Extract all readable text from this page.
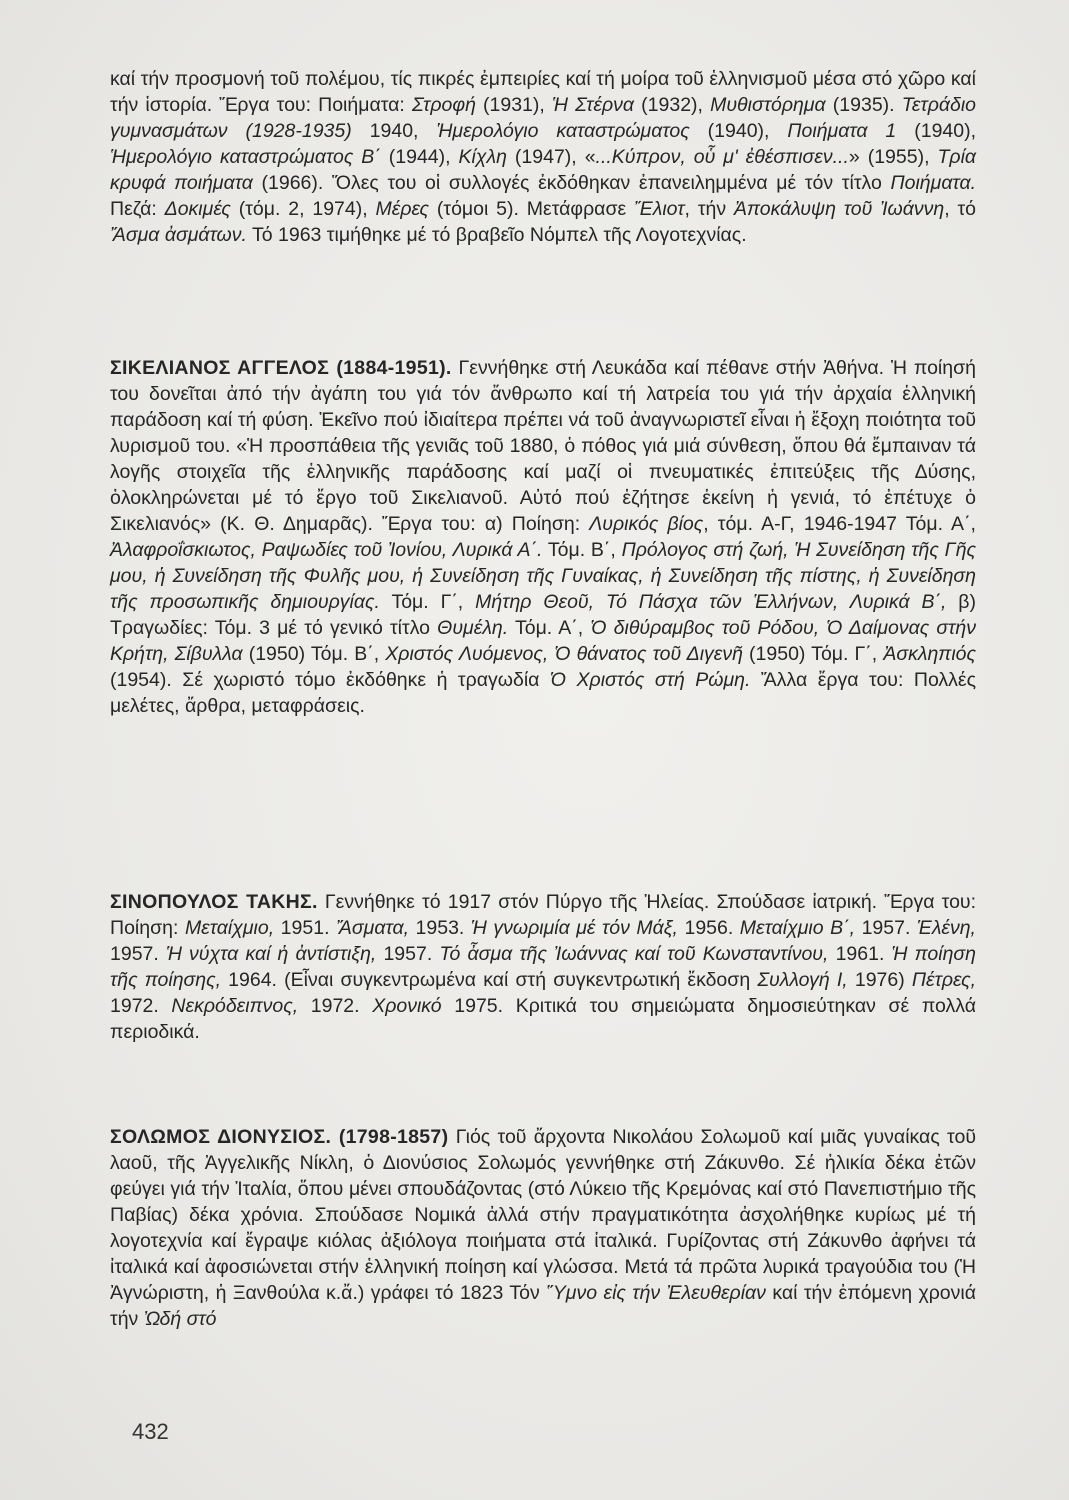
καί τήν προσμονή τοῦ πολέμου, τίς πικρές ἐμπειρίες καί τή μοίρα τοῦ ἑλληνισμοῦ μέσα στό χῶρο καί τήν ἱστορία. Ἔργα του: Ποιήματα: Στροφή (1931), Ἡ Στέρνα (1932), Μυθιστόρημα (1935). Τετράδιο γυμνασμάτων (1928-1935) 1940, Ἡμερολόγιο καταστρώματος (1940), Ποιήματα 1 (1940), Ἡμερολόγιο καταστρώματος Β΄ (1944), Κίχλη (1947), «...Κύπρον, οὗ μ' ἐθέσπισεν...» (1955), Τρία κρυφά ποιήματα (1966). Ὅλες του οἱ συλλογές ἐκδόθηκαν ἐπανειλημμένα μέ τόν τίτλο Ποιήματα. Πεζά: Δοκιμές (τόμ. 2, 1974), Μέρες (τόμοι 5). Μετάφρασε Ἔλιοτ, τήν Ἀποκάλυψη τοῦ Ἰωάννη, τό Ἄσμα ἀσμάτων. Τό 1963 τιμήθηκε μέ τό βραβεῖο Νόμπελ τῆς Λογοτεχνίας.

ΣΙΚΕΛΙΑΝΟΣ ΑΓΓΕΛΟΣ (1884-1951). Γεννήθηκε στή Λευκάδα καί πέθανε στήν Ἀθήνα. Ἡ ποίησή του δονεῖται ἀπό τήν ἀγάπη του γιά τόν ἄνθρωπο καί τή λατρεία του γιά τήν ἀρχαία ἑλληνική παράδοση καί τή φύση. Ἐκεῖνο πού ἰδιαίτερα πρέπει νά τοῦ ἀναγνωριστεῖ εἶναι ἡ ἔξοχη ποιότητα τοῦ λυρισμοῦ του. «Ἡ προσπάθεια τῆς γενιᾶς τοῦ 1880, ὁ πόθος γιά μιά σύνθεση, ὅπου θά ἔμπαιναν τά λογῆς στοιχεῖα τῆς ἑλληνικῆς παράδοσης καί μαζί οἱ πνευματικές ἐπιτεύξεις τῆς Δύσης, ὁλοκληρώνεται μέ τό ἔργο τοῦ Σικελιανοῦ. Αὐτό πού ἐζήτησε ἐκείνη ἡ γενιά, τό ἐπέτυχε ὁ Σικελιανός» (Κ. Θ. Δημαρᾶς). Ἔργα του: α) Ποίηση: Λυρικός βίος, τόμ. Α-Γ, 1946-1947 Τόμ. Α΄, Ἀλαφροΐσκιωτος, Ραψωδίες τοῦ Ἰονίου, Λυρικά Α΄. Τόμ. Β΄, Πρόλογος στή ζωή, Ἡ Συνείδηση τῆς Γῆς μου, ἡ Συνείδηση τῆς Φυλῆς μου, ἡ Συνείδηση τῆς Γυναίκας, ἡ Συνείδηση τῆς πίστης, ἡ Συνείδηση τῆς προσωπικῆς δημιουργίας. Τόμ. Γ΄, Μήτηρ Θεοῦ, Τό Πάσχα τῶν Ἑλλήνων, Λυρικά Β΄, β) Τραγωδίες: Τόμ. 3 μέ τό γενικό τίτλο Θυμέλη. Τόμ. Α΄, Ὁ διθύραμβος τοῦ Ρόδου, Ὁ Δαίμονας στήν Κρήτη, Σίβυλλα (1950) Τόμ. Β΄, Χριστός Λυόμενος, Ὁ θάνατος τοῦ Διγενῆ (1950) Τόμ. Γ΄, Ἀσκληπιός (1954). Σέ χωριστό τόμο ἐκδόθηκε ἡ τραγωδία Ὁ Χριστός στή Ρώμη. Ἄλλα ἔργα του: Πολλές μελέτες, ἄρθρα, μεταφράσεις.

ΣΙΝΟΠΟΥΛΟΣ ΤΑΚΗΣ. Γεννήθηκε τό 1917 στόν Πύργο τῆς Ἠλείας. Σπούδασε ἰατρική. Ἔργα του: Ποίηση: Μεταίχμιο, 1951. Ἄσματα, 1953. Ἡ γνωριμία μέ τόν Μάξ, 1956. Μεταίχμιο Β΄, 1957. Ἑλένη, 1957. Ἡ νύχτα καί ἡ ἀντίστιξη, 1957. Τό ἆσμα τῆς Ἰωάννας καί τοῦ Κωνσταντίνου, 1961. Ἡ ποίηση τῆς ποίησης, 1964. (Εἶναι συγκεντρωμένα καί στή συγκεντρωτική ἔκδοση Συλλογή Ι, 1976) Πέτρες, 1972. Νεκρόδειπνος, 1972. Χρονικό 1975. Κριτικά του σημειώματα δημοσιεύτηκαν σέ πολλά περιοδικά.

ΣΟΛΩΜΟΣ ΔΙΟΝΥΣΙΟΣ. (1798-1857) Γιός τοῦ ἄρχοντα Νικολάου Σολωμοῦ καί μιᾶς γυναίκας τοῦ λαοῦ, τῆς Ἀγγελικῆς Νίκλη, ὁ Διονύσιος Σολωμός γεννήθηκε στή Ζάκυνθο. Σέ ἡλικία δέκα ἐτῶν φεύγει γιά τήν Ἰταλία, ὅπου μένει σπουδάζοντας (στό Λύκειο τῆς Κρεμόνας καί στό Πανεπιστήμιο τῆς Παβίας) δέκα χρόνια. Σπούδασε Νομικά ἀλλά στήν πραγματικότητα ἀσχολήθηκε κυρίως μέ τή λογοτεχνία καί ἔγραψε κιόλας ἀξιόλογα ποιήματα στά ἰταλικά. Γυρίζοντας στή Ζάκυνθο ἀφήνει τά ἰταλικά καί ἀφοσιώνεται στήν ἑλληνική ποίηση καί γλώσσα. Μετά τά πρῶτα λυρικά τραγούδια του (Ἡ Ἀγνώριστη, ἡ Ξανθούλα κ.ἄ.) γράφει τό 1823 Τόν Ὕμνο εἰς τήν Ἐλευθερίαν καί τήν ἐπόμενη χρονιά τήν Ὠδή στό

432
